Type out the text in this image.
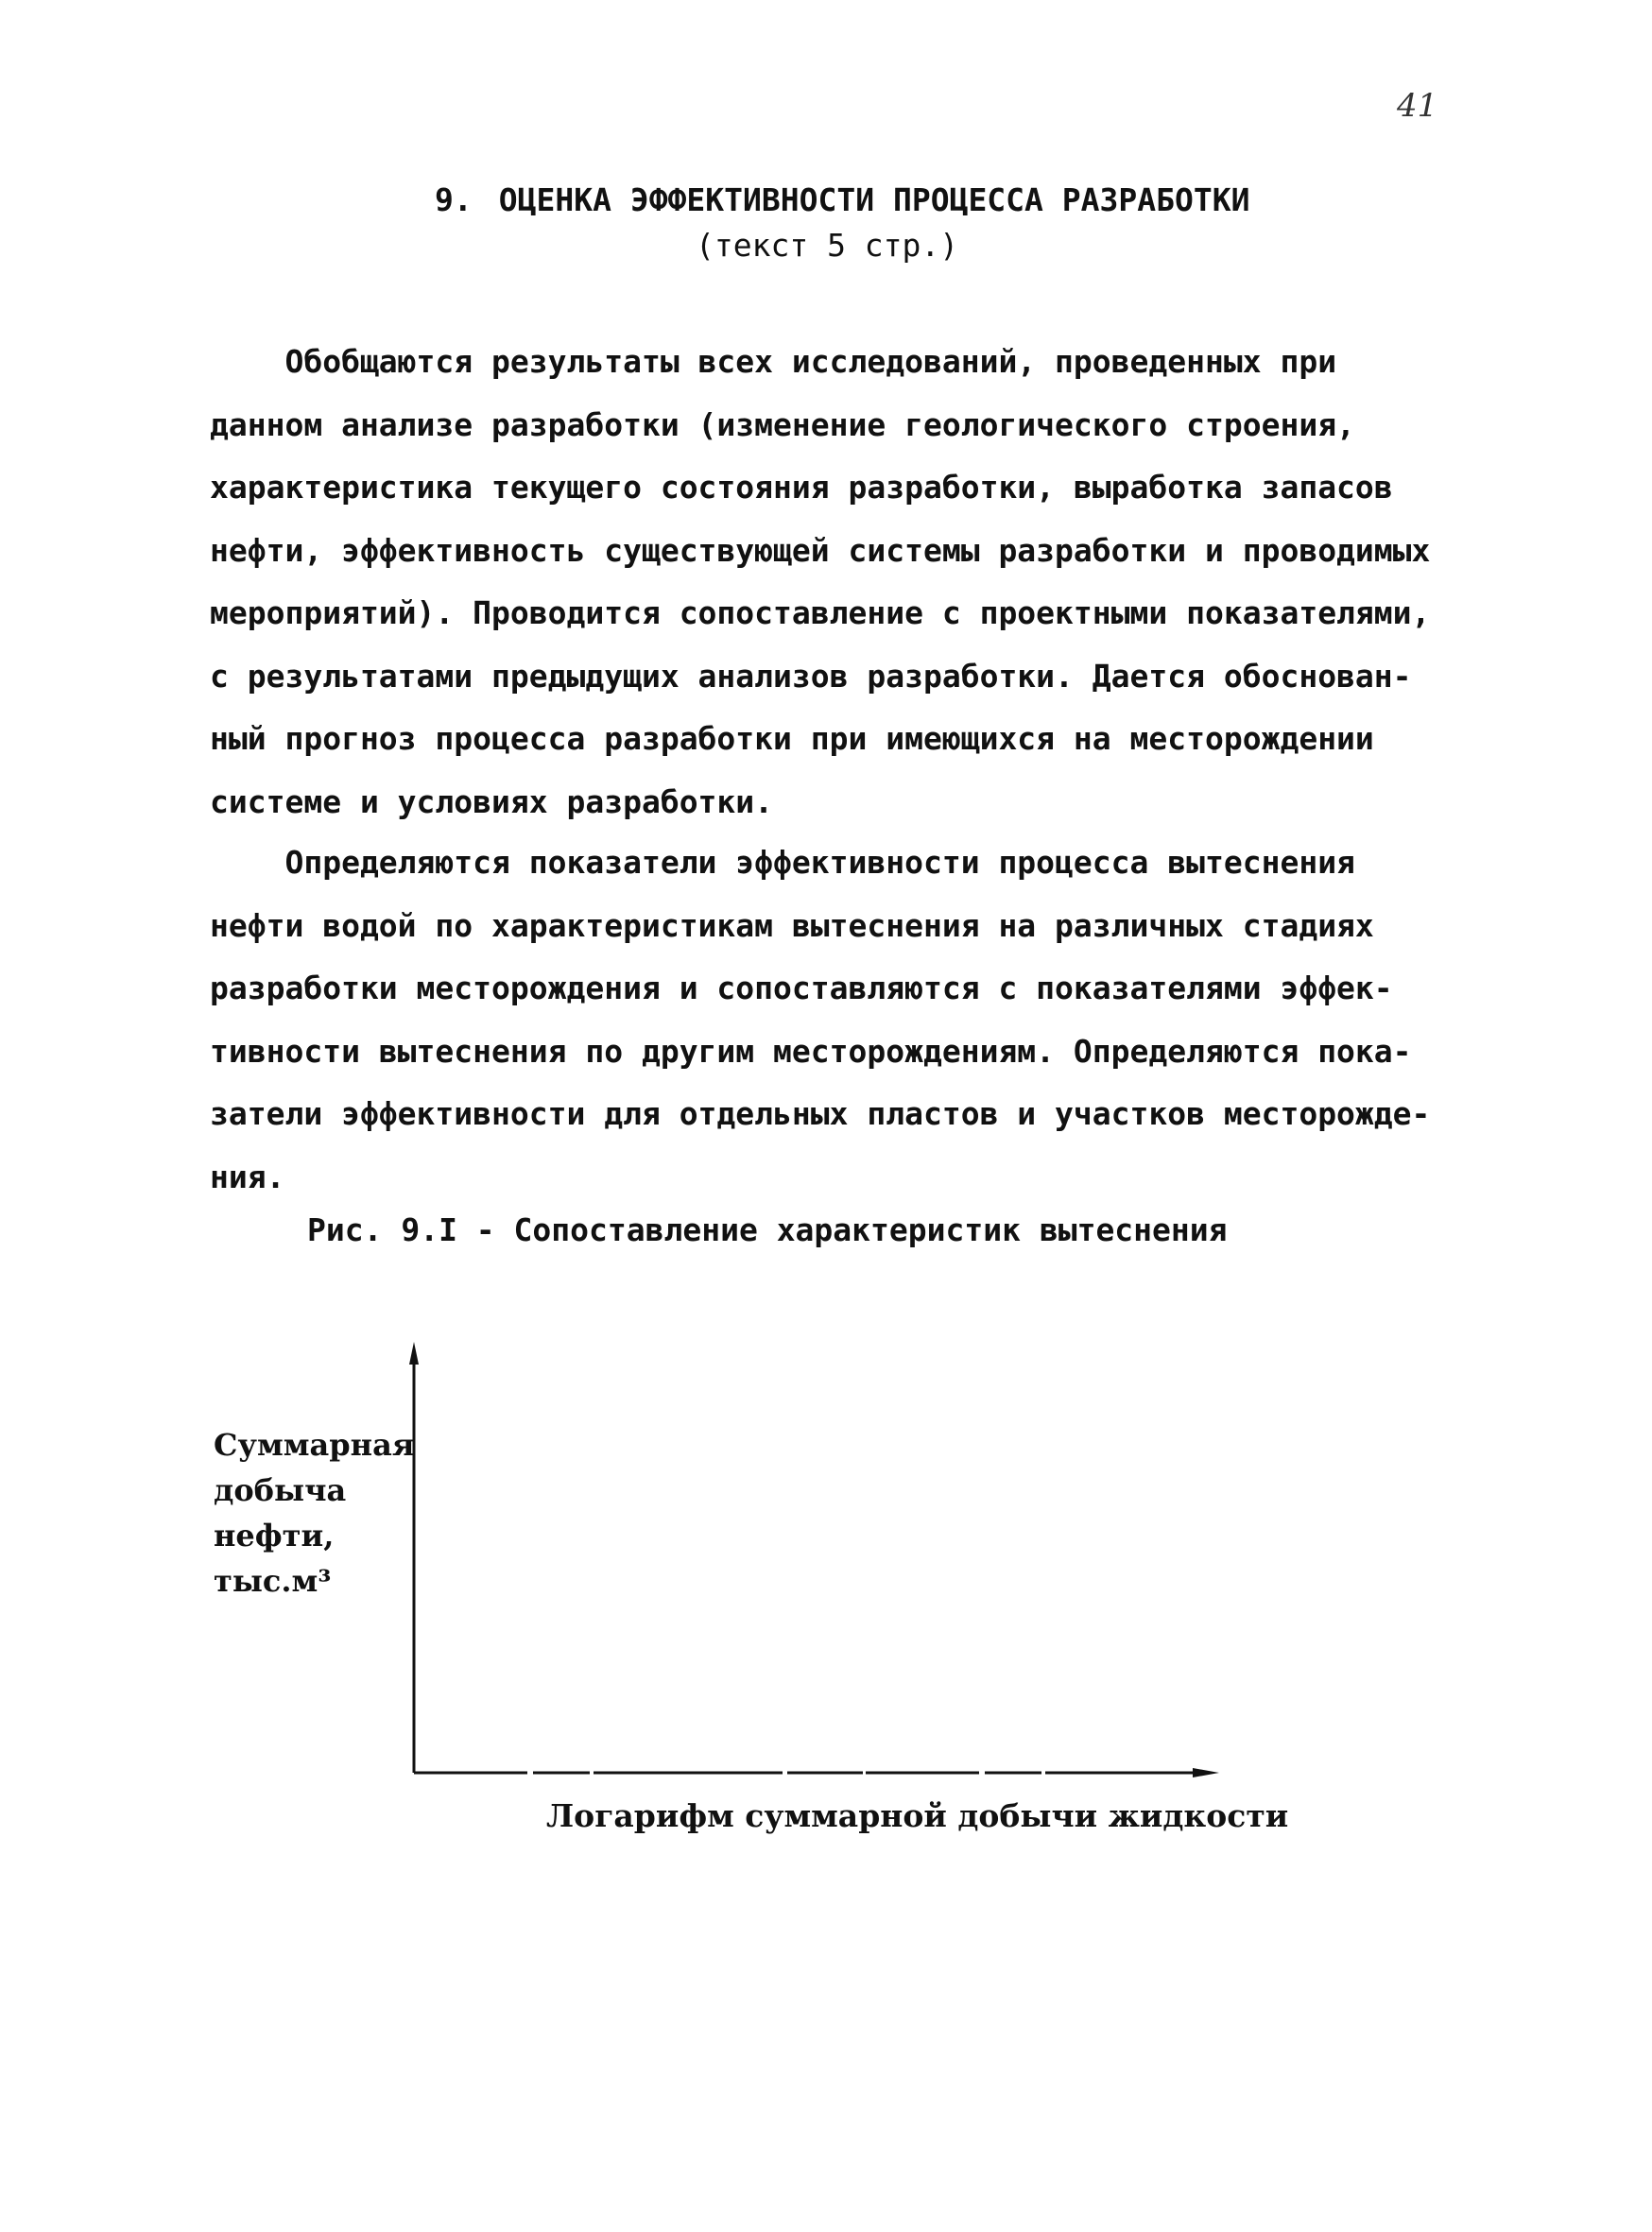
41
9. ОЦЕНКА ЭФФЕКТИВНОСТИ ПРОЦЕССА РАЗРАБОТКИ
(текст 5 стр.)
Обобщаются результаты всех исследований, проведенных при
данном анализе разработки (изменение геологического строения,
характеристика текущего состояния разработки, выработка запасов
нефти, эффективность существующей системы разработки и проводимых
мероприятий). Проводится сопоставление с проектными показателями,
с результатами предыдущих анализов разработки. Дается обоснован-
ный прогноз процесса разработки при имеющихся на месторождении
системе и условиях разработки.
Определяются показатели эффективности процесса вытеснения
нефти водой по характеристикам вытеснения на различных стадиях
разработки месторождения и сопоставляются с показателями эффек-
тивности вытеснения по другим месторождениям. Определяются пока-
затели эффективности для отдельных пластов и участков месторожде-
ния.
Рис. 9.I - Сопоставление характеристик вытеснения
Суммарная
добыча
нефти,
тыс.м³
Логарифм суммарной добычи жидкости
